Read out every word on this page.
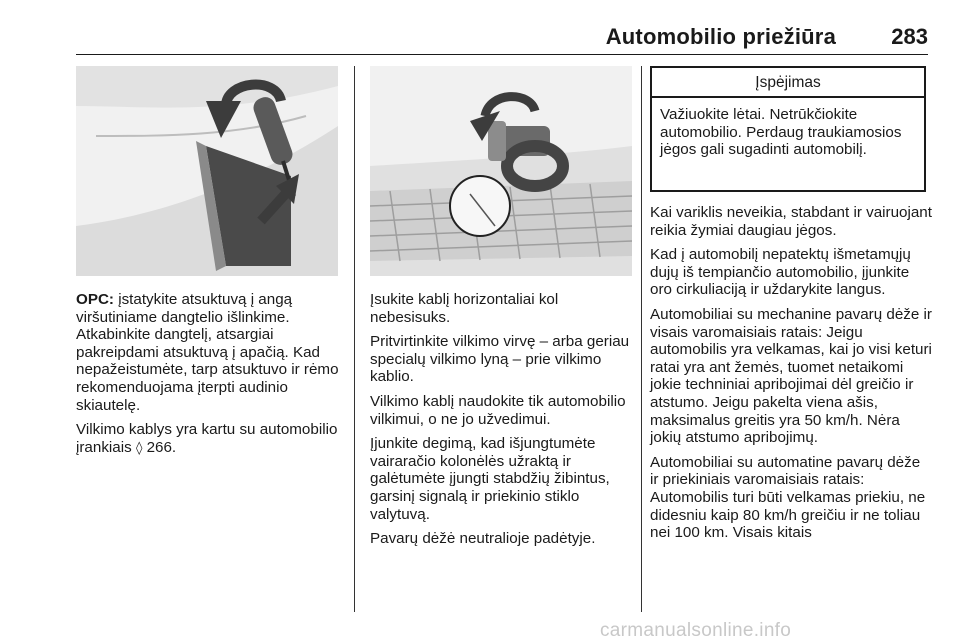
Automobilio priežiūra	283

OPC: įstatykite atsuktuvą į angą viršutiniame dangtelio išlinkime. Atkabinkite dangtelį, atsargiai pakreipdami atsuktuvą į apačią. Kad nepažeistumėte, tarp atsuktuvo ir rėmo rekomenduojama įterpti audinio skiautelę.

Vilkimo kablys yra kartu su automobilio įrankiais ◊ 266.

Įsukite kablį horizontaliai kol nebesisuks.

Pritvirtinkite vilkimo virvę – arba geriau specialų vilkimo lyną – prie vilkimo kablio.

Vilkimo kablį naudokite tik automobilio vilkimui, o ne jo užvedimui.

Įjunkite degimą, kad išjungtumėte vairaračio kolonėlės užraktą ir galėtumėte įjungti stabdžių žibintus, garsinį signalą ir priekinio stiklo valytuvą.

Pavarų dėžė neutralioje padėtyje.

Įspėjimas
Važiuokite lėtai. Netrūkčiokite automobilio. Perdaug traukiamosios jėgos gali sugadinti automobilį.

Kai variklis neveikia, stabdant ir vairuojant reikia žymiai daugiau jėgos.

Kad į automobilį nepatektų išmetamųjų dujų iš tempiančio automobilio, įjunkite oro cirkuliaciją ir uždarykite langus.

Automobiliai su mechanine pavarų dėže ir visais varomaisiais ratais: Jeigu automobilis yra velkamas, kai jo visi keturi ratai yra ant žemės, tuomet netaikomi jokie techniniai apribojimai dėl greičio ir atstumo. Jeigu pakelta viena ašis, maksimalus greitis yra 50 km/h. Nėra jokių atstumo apribojimų.

Automobiliai su automatine pavarų dėže ir priekiniais varomaisiais ratais: Automobilis turi būti velkamas priekiu, ne didesniu kaip 80 km/h greičiu ir ne toliau nei 100 km. Visais kitais

carmanualsonline.info
